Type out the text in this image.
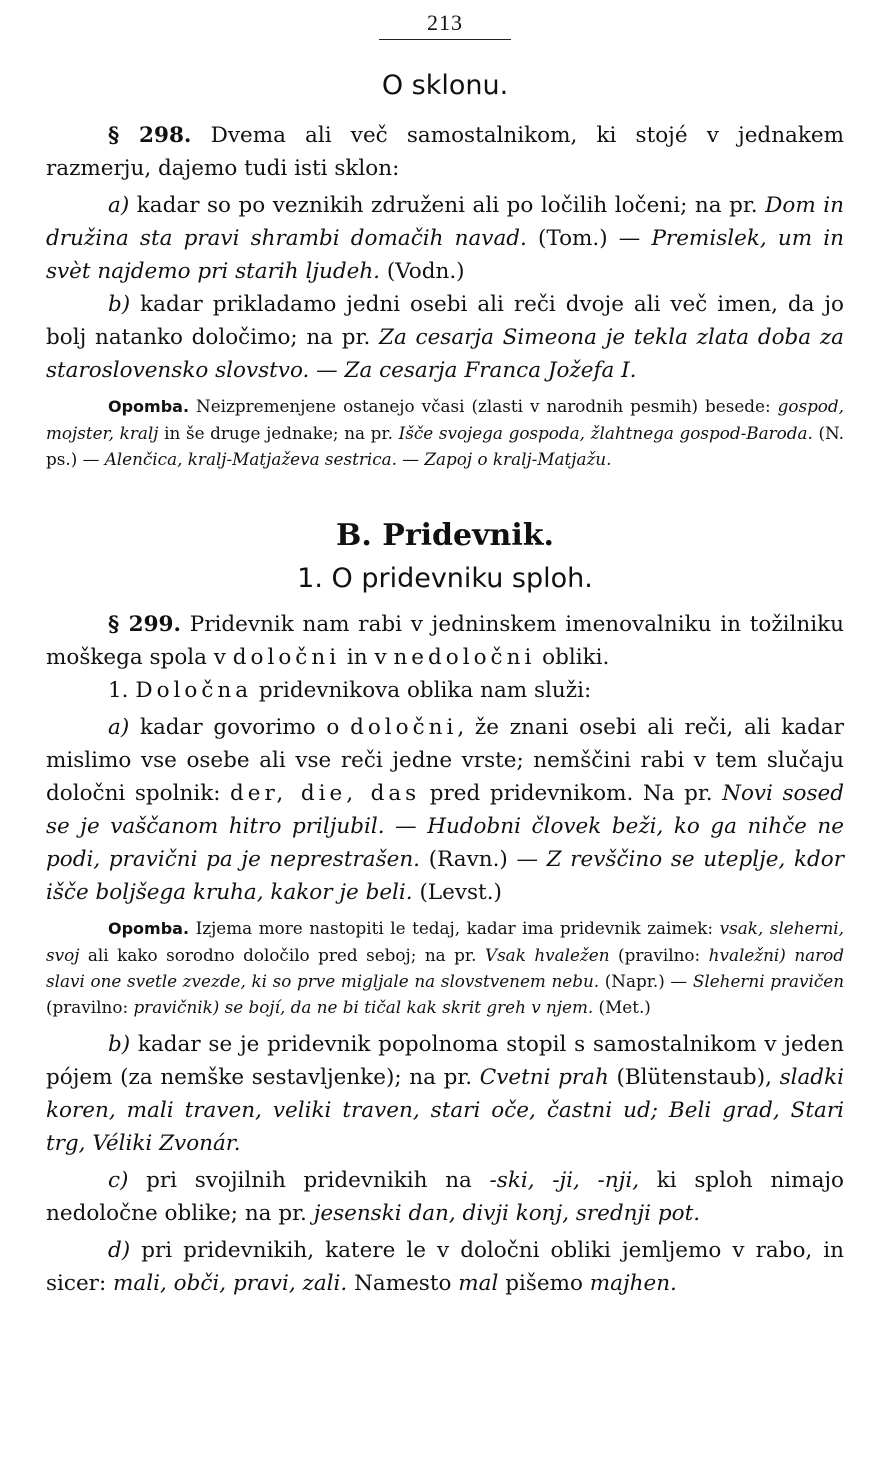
213
O sklonu.

§ 298. Dvema ali več samostalnikom, ki stojé v jednakem razmerju, dajemo tudi isti sklon:

a) kadar so po veznikih združeni ali po ločilih ločeni; na pr. Dom in družina sta pravi shrambi domačih navad. (Tom.) — Premislek, um in svèt najdemo pri starih ljudeh. (Vodn.)

b) kadar prikladamo jedni osebi ali reči dvoje ali več imen, da jo bolj natanko določimo; na pr. Za cesarja Simeona je tekla zlata doba za staroslovensko slovstvo. — Za cesarja Franca Jožefa I.

Opomba. Neizpremenjene ostanejo včasi (zlasti v narodnih pesmih) besede: gospod, mojster, kralj in še druge jednake; na pr. Išče svojega gospoda, žlahtnega gospod-Baroda. (N. ps.) — Alenčica, kralj-Matjaževa sestrica. — Zapoj o kralj-Matjažu.

B. Pridevnik.
1. O pridevniku sploh.

§ 299. Pridevnik nam rabi v jedninskem imenovalniku in tožilniku moškega spola v določni in v nedoločni obliki.

1. Določna pridevnikova oblika nam služi:

a) kadar govorimo o določni, že znani osebi ali reči, ali kadar mislimo vse osebe ali vse reči jedne vrste; nemščini rabi v tem slučaju določni spolnik: der, die, das pred pridevnikom. Na pr. Novi sosed se je vaščanom hitro priljubil. — Hudobni človek beži, ko ga nihče ne podi, pravični pa je neprestrašen. (Ravn.) — Z revščino se uteplje, kdor išče boljšega kruha, kakor je beli. (Levst.)

Opomba. Izjema more nastopiti le tedaj, kadar ima pridevnik zaimek: vsak, sleherni, svoj ali kako sorodno določilo pred seboj; na pr. Vsak hvaležen (pravilno: hvaležni) narod slavi one svetle zvezde, ki so prve migljale na slovstvenem nebu. (Napr.) — Sleherni pravičen (pravilno: pravičnik) se bojí, da ne bi tičal kak skrit greh v njem. (Met.)

b) kadar se je pridevnik popolnoma stopil s samostalnikom v jeden pójem (za nemške sestavljenke); na pr. Cvetni prah (Blütenstaub), sladki koren, mali traven, veliki traven, stari oče, častni ud; Beli grad, Stari trg, Véliki Zvonár.

c) pri svojilnih pridevnikih na -ski, -ji, -nji, ki sploh nimajo nedoločne oblike; na pr. jesenski dan, divji konj, srednji pot.

d) pri pridevnikih, katere le v določni obliki jemljemo v rabo, in sicer: mali, obči, pravi, zali. Namesto mal pišemo majhen.
